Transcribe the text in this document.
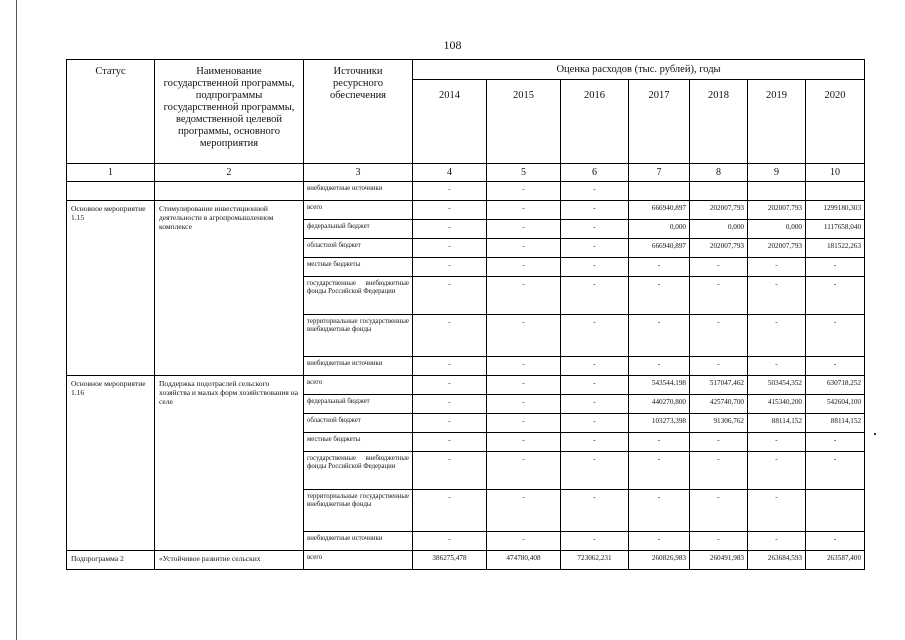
108
Статус	Наименование государственной программы, подпрограммы государственной программы, ведомственной целевой программы, основного мероприятия	Источники ресурсного обеспечения	Оценка расходов (тыс. рублей), годы						
			2014	2015	2016	2017	2018	2019	2020
1	2	3	4	5	6	7	8	9	10
		внебюджетные источники	-	-	-				
Основное мероприятие 1.15	Стимулирование инвестиционной деятельности в агропромышленном комплексе	всего	-	-	-	666940,897	202007,793	202007,793	1299180,303
		федеральный бюджет	-	-	-	0,000	0,000	0,000	1117658,040
		областной бюджет	-	-	-	666940,897	202007,793	202007,793	181522,263
		местные бюджеты	-	-	-	-	-	-	-
		государственные внебюджетные фонды Российской Федерации	-	-	-	-	-	-	-
		территориальные государственные внебюджетные фонды	-	-	-	-	-	-	-
		внебюджетные источники	-	-	-	-	-	-	-
Основное мероприятие 1.16	Поддержка подотраслей сельского хозяйства и малых форм хозяйствования на селе	всего	-	-	-	543544,198	517047,462	503454,352	630718,252
		федеральный бюджет	-	-	-	440270,800	425740,700	415340,200	542604,100
		областной бюджет	-	-	-	103273,398	91306,762	88114,152	88114,152
		местные бюджеты	-	-	-	-	-	-	-
		государственные внебюджетные фонды Российской Федерации	-	-	-	-	-	-	-
		территориальные государственные внебюджетные фонды	-	-	-	-	-	-	
		внебюджетные источники	-	-	-	-	-	-	-
Подпрограмма 2	«Устойчивое развитие сельских	всего	386275,478	474780,408	723062,231	260826,983	260491,983	263684,593	263587,400
